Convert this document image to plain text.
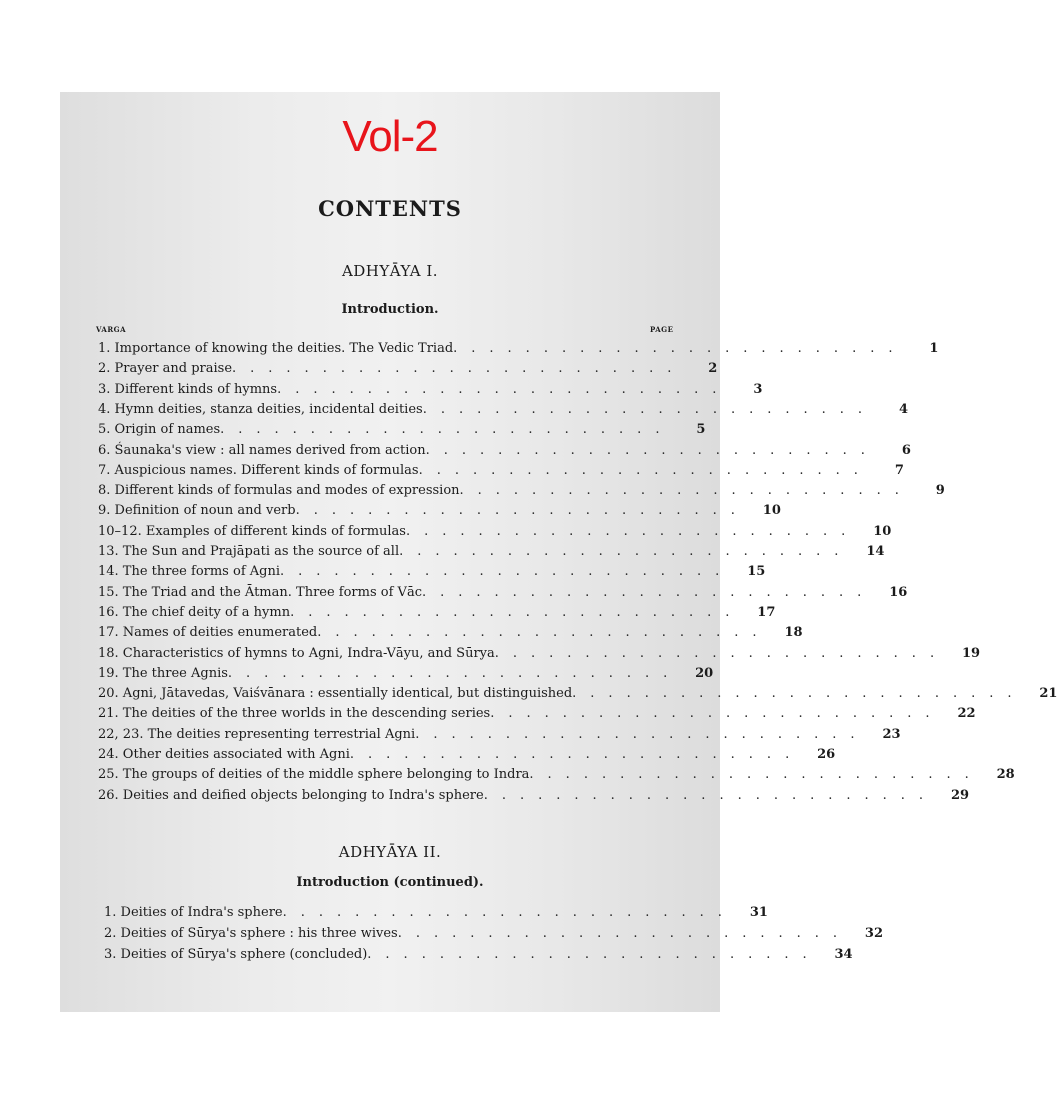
Vol-2
CONTENTS
ADHYĀYA I.
Introduction.
VARGA	PAGE
1. Importance of knowing the deities. The Vedic Triad .........................	1
2. Prayer and praise .........................	2
3. Different kinds of hymns .........................	3
4. Hymn deities, stanza deities, incidental deities .........................	4
5. Origin of names .........................	5
6. Śaunaka's view : all names derived from action .........................	6
7. Auspicious names. Different kinds of formulas .........................	7
8. Different kinds of formulas and modes of expression .........................	9
9. Definition of noun and verb .........................	10
10–12. Examples of different kinds of formulas .........................	10
13. The Sun and Prajāpati as the source of all .........................	14
14. The three forms of Agni .........................	15
15. The Triad and the Ātman. Three forms of Vāc .........................	16
16. The chief deity of a hymn .........................	17
17. Names of deities enumerated .........................	18
18. Characteristics of hymns to Agni, Indra-Vāyu, and Sūrya .........................	19
19. The three Agnis .........................	20
20. Agni, Jātavedas, Vaiśvānara : essentially identical, but distinguished .........................	21
21. The deities of the three worlds in the descending series .........................	22
22, 23. The deities representing terrestrial Agni .........................	23
24. Other deities associated with Agni .........................	26
25. The groups of deities of the middle sphere belonging to Indra .........................	28
26. Deities and deified objects belonging to Indra's sphere .........................	29
ADHYĀYA II.
Introduction (continued).
1. Deities of Indra's sphere .........................	31
2. Deities of Sūrya's sphere : his three wives .........................	32
3. Deities of Sūrya's sphere (concluded) .........................	34
